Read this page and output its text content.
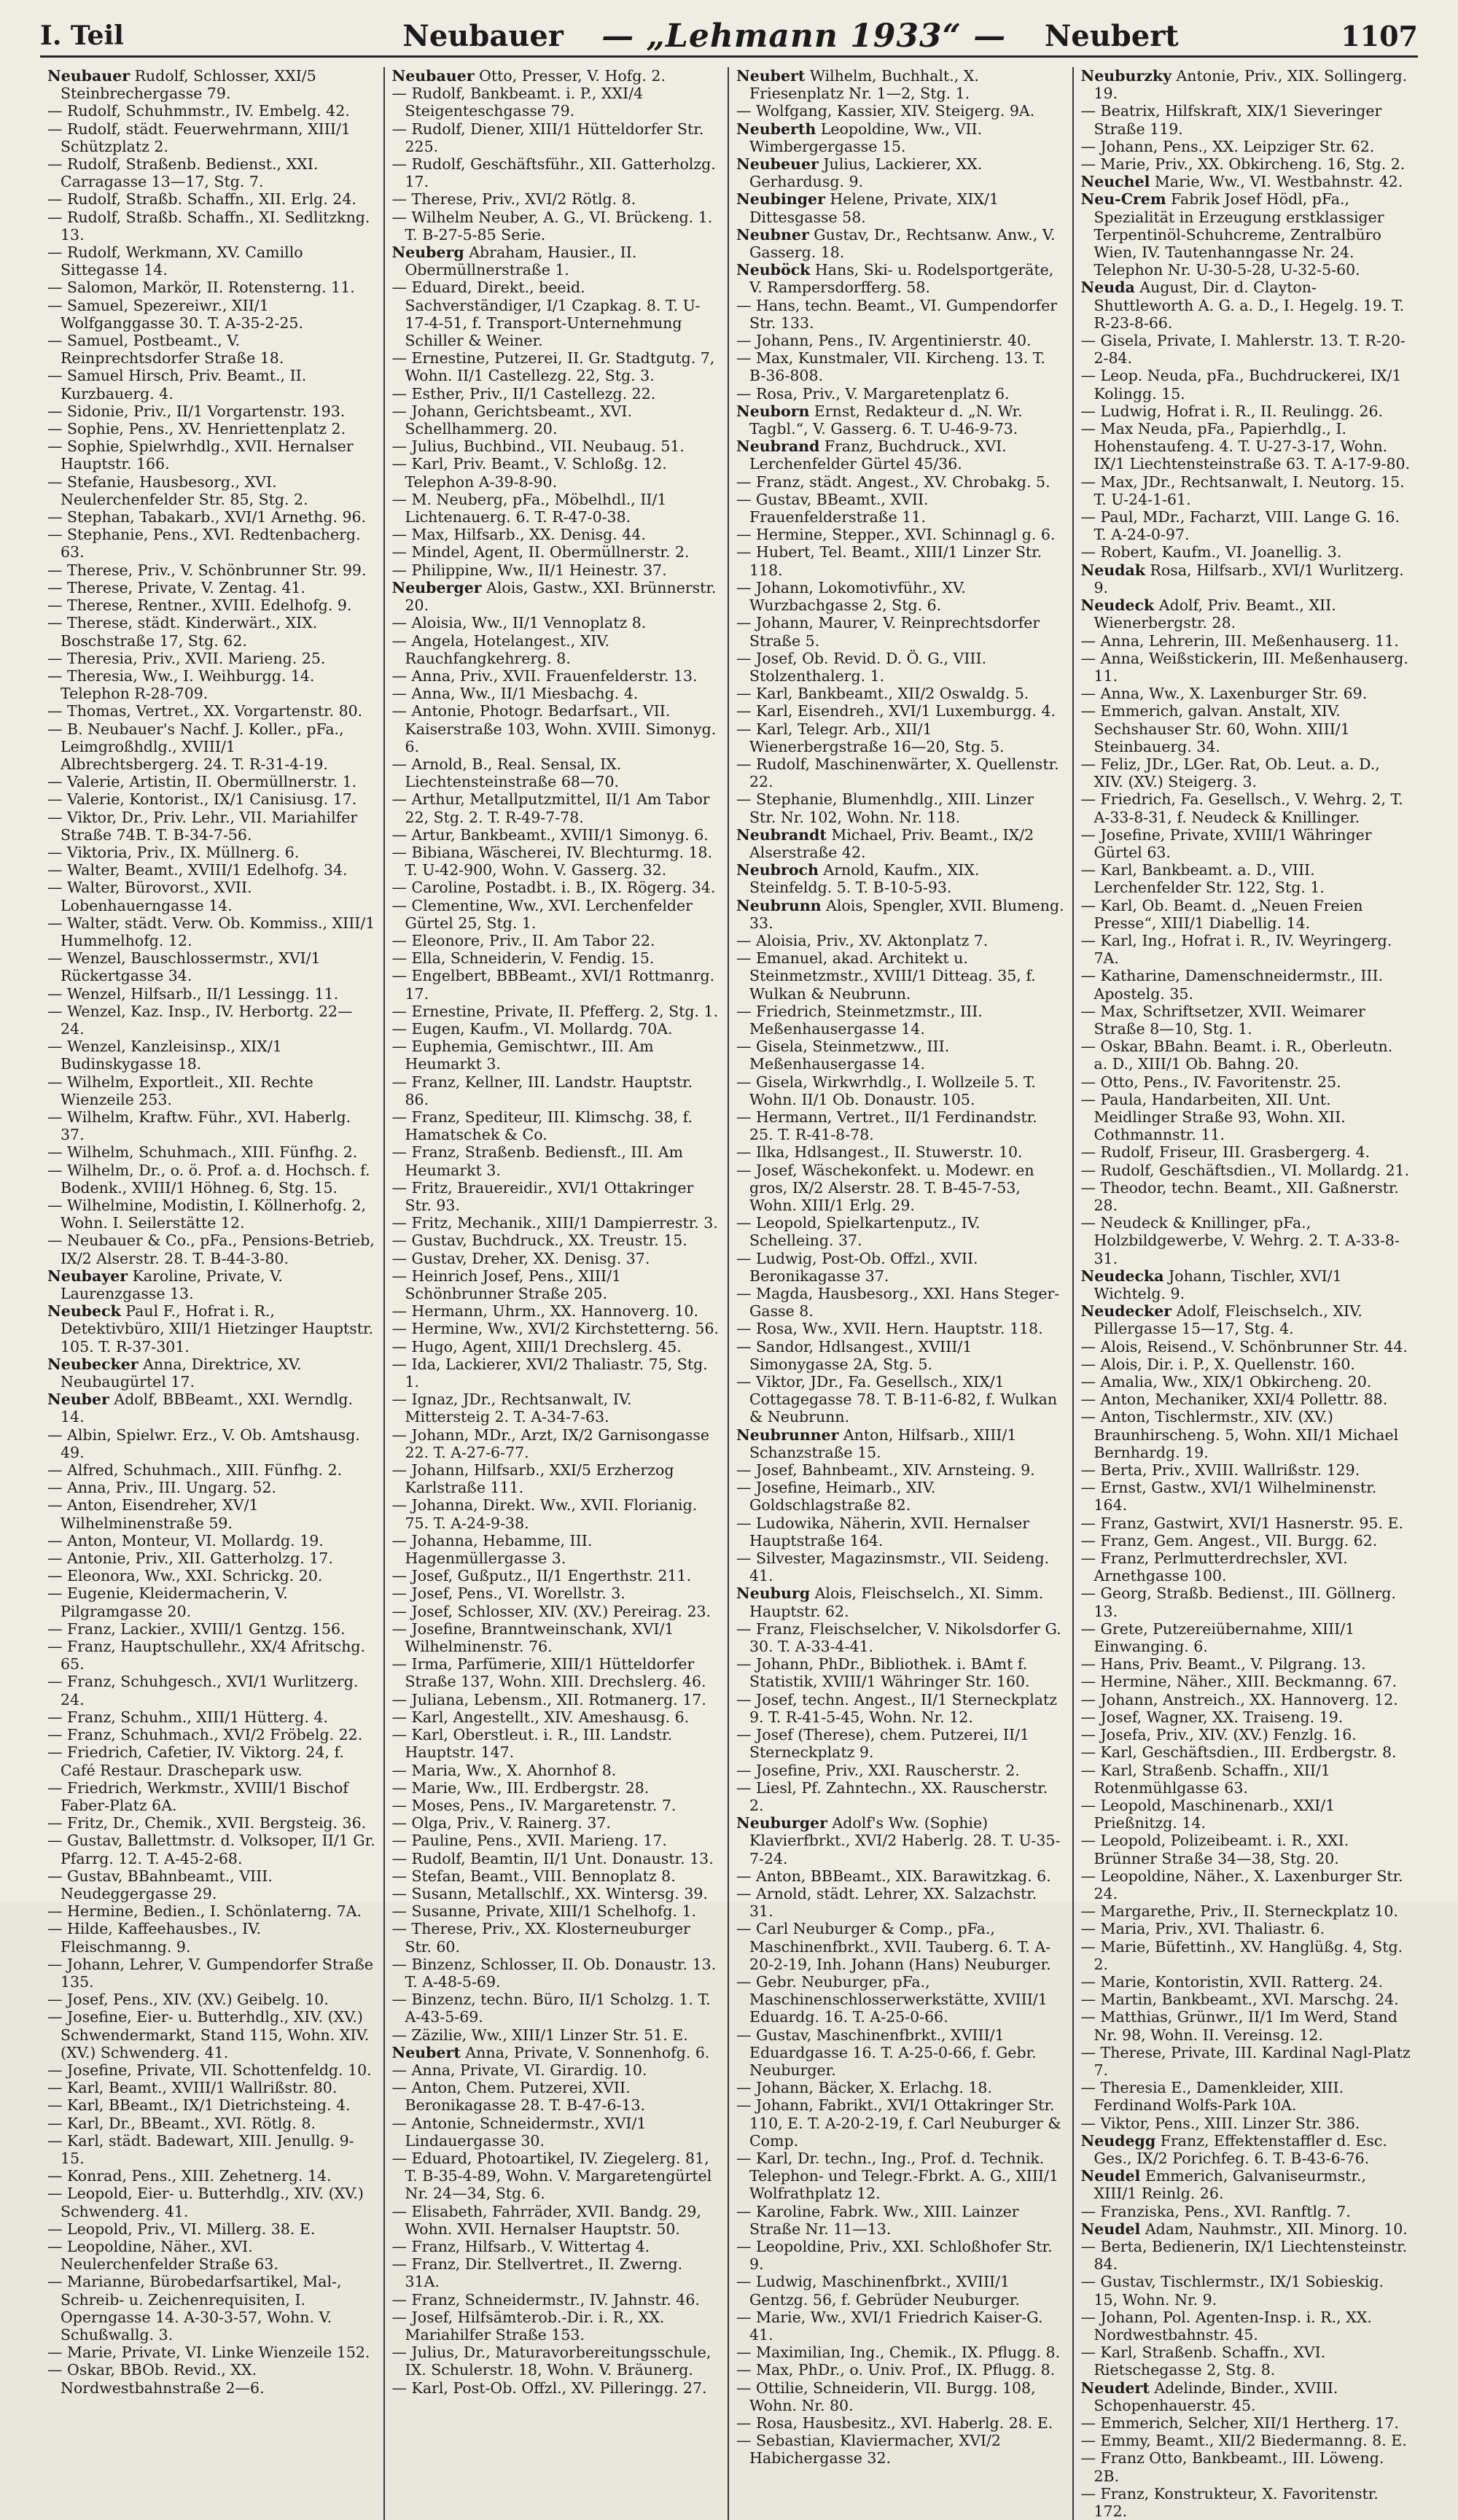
I. Teil	Neubauer — „Lehmann 1933“ — Neubert	1107

Neubauer Rudolf, Schlosser, XXI/5 Steinbrechergasse 79.

— Rudolf, Schuhmmstr., IV. Embelg. 42.

— Rudolf, städt. Feuerwehrmann, XIII/1 Schützplatz 2.

— Rudolf, Straßenb. Bedienst., XXI. Carragasse 13—17, Stg. 7.

— Rudolf, Straßb. Schaffn., XII. Erlg. 24.

— Rudolf, Straßb. Schaffn., XI. Sedlitzkng. 13.

— Rudolf, Werkmann, XV. Camillo Sittegasse 14.

— Salomon, Markör, II. Rotensterng. 11.

— Samuel, Spezereiwr., XII/1 Wolfganggasse 30. T. A-35-2-25.

— Samuel, Postbeamt., V. Reinprechtsdorfer Straße 18.

— Samuel Hirsch, Priv. Beamt., II. Kurzbauerg. 4.

— Sidonie, Priv., II/1 Vorgartenstr. 193.

— Sophie, Pens., XV. Henriettenplatz 2.

— Sophie, Spielwrhdlg., XVII. Hernalser Hauptstr. 166.

— Stefanie, Hausbesorg., XVI. Neulerchenfelder Str. 85, Stg. 2.

— Stephan, Tabakarb., XVI/1 Arnethg. 96.

— Stephanie, Pens., XVI. Redtenbacherg. 63.

— Therese, Priv., V. Schönbrunner Str. 99.

— Therese, Private, V. Zentag. 41.

— Therese, Rentner., XVIII. Edelhofg. 9.

— Therese, städt. Kinderwärt., XIX. Boschstraße 17, Stg. 62.

— Theresia, Priv., XVII. Marieng. 25.

— Theresia, Ww., I. Weihburgg. 14. Telephon R-28-709.

— Thomas, Vertret., XX. Vorgartenstr. 80.

— B. Neubauer's Nachf. J. Koller., pFa., Leimgroßhdlg., XVIII/1 Albrechtsbergerg. 24. T. R-31-4-19.

— Valerie, Artistin, II. Obermüllnerstr. 1.

— Valerie, Kontorist., IX/1 Canisiusg. 17.

— Viktor, Dr., Priv. Lehr., VII. Mariahilfer Straße 74B. T. B-34-7-56.

— Viktoria, Priv., IX. Müllnerg. 6.

— Walter, Beamt., XVIII/1 Edelhofg. 34.

— Walter, Bürovorst., XVII. Lobenhauerngasse 14.

— Walter, städt. Verw. Ob. Kommiss., XIII/1 Hummelhofg. 12.

— Wenzel, Bauschlossermstr., XVI/1 Rückertgasse 34.

— Wenzel, Hilfsarb., II/1 Lessingg. 11.

— Wenzel, Kaz. Insp., IV. Herbortg. 22—24.

— Wenzel, Kanzleisinsp., XIX/1 Budinskygasse 18.

— Wilhelm, Exportleit., XII. Rechte Wienzeile 253.

— Wilhelm, Kraftw. Führ., XVI. Haberlg. 37.

— Wilhelm, Schuhmach., XIII. Fünfhg. 2.

— Wilhelm, Dr., o. ö. Prof. a. d. Hochsch. f. Bodenk., XVIII/1 Höhneg. 6, Stg. 15.

— Wilhelmine, Modistin, I. Köllnerhofg. 2, Wohn. I. Seilerstätte 12.

— Neubauer & Co., pFa., Pensions-Betrieb, IX/2 Alserstr. 28. T. B-44-3-80.

Neubayer Karoline, Private, V. Laurenzgasse 13.

Neubeck Paul F., Hofrat i. R., Detektivbüro, XIII/1 Hietzinger Hauptstr. 105. T. R-37-301.

Neubecker Anna, Direktrice, XV. Neubaugürtel 17.

Neuber Adolf, BBBeamt., XXI. Werndlg. 14.

— Albin, Spielwr. Erz., V. Ob. Amtshausg. 49.

— Alfred, Schuhmach., XIII. Fünfhg. 2.

— Anna, Priv., III. Ungarg. 52.

— Anton, Eisendreher, XV/1 Wilhelminenstraße 59.

— Anton, Monteur, VI. Mollardg. 19.

— Antonie, Priv., XII. Gatterholzg. 17.

— Eleonora, Ww., XXI. Schrickg. 20.

— Eugenie, Kleidermacherin, V. Pilgramgasse 20.

— Franz, Lackier., XVIII/1 Gentzg. 156.

— Franz, Hauptschullehr., XX/4 Afritschg. 65.

— Franz, Schuhgesch., XVI/1 Wurlitzerg. 24.

— Franz, Schuhm., XIII/1 Hütterg. 4.

— Franz, Schuhmach., XVI/2 Fröbelg. 22.

— Friedrich, Cafetier, IV. Viktorg. 24, f. Café Restaur. Draschepark usw.

— Friedrich, Werkmstr., XVIII/1 Bischof Faber-Platz 6A.

— Fritz, Dr., Chemik., XVII. Bergsteig. 36.

— Gustav, Ballettmstr. d. Volksoper, II/1 Gr. Pfarrg. 12. T. A-45-2-68.

— Gustav, BBahnbeamt., VIII. Neudeggergasse 29.

— Hermine, Bedien., I. Schönlaterng. 7A.

— Hilde, Kaffeehausbes., IV. Fleischmanng. 9.

— Johann, Lehrer, V. Gumpendorfer Straße 135.

— Josef, Pens., XIV. (XV.) Geibelg. 10.

— Josefine, Eier- u. Butterhdlg., XIV. (XV.) Schwendermarkt, Stand 115, Wohn. XIV. (XV.) Schwenderg. 41.

— Josefine, Private, VII. Schottenfeldg. 10.

— Karl, Beamt., XVIII/1 Wallrißstr. 80.

— Karl, BBeamt., IX/1 Dietrichsteing. 4.

— Karl, Dr., BBeamt., XVI. Rötlg. 8.

— Karl, städt. Badewart, XIII. Jenullg. 9-15.

— Konrad, Pens., XIII. Zehetnerg. 14.

— Leopold, Eier- u. Butterhdlg., XIV. (XV.) Schwenderg. 41.

— Leopold, Priv., VI. Millerg. 38. E.

— Leopoldine, Näher., XVI. Neulerchenfelder Straße 63.

— Marianne, Bürobedarfsartikel, Mal-, Schreib- u. Zeichenrequisiten, I. Operngasse 14. A-30-3-57, Wohn. V. Schußwallg. 3.

— Marie, Private, VI. Linke Wienzeile 152.

— Oskar, BBOb. Revid., XX. Nordwestbahnstraße 2—6.

Neubauer Otto, Presser, V. Hofg. 2.

— Rudolf, Bankbeamt. i. P., XXI/4 Steigenteschgasse 79.

— Rudolf, Diener, XIII/1 Hütteldorfer Str. 225.

— Rudolf, Geschäftsführ., XII. Gatterholzg. 17.

— Therese, Priv., XVI/2 Rötlg. 8.

— Wilhelm Neuber, A. G., VI. Brückeng. 1. T. B-27-5-85 Serie.

Neuberg Abraham, Hausier., II. Obermüllnerstraße 1.

— Eduard, Direkt., beeid. Sachverständiger, I/1 Czapkag. 8. T. U-17-4-51, f. Transport-Unternehmung Schiller & Weiner.

— Ernestine, Putzerei, II. Gr. Stadtgutg. 7, Wohn. II/1 Castellezg. 22, Stg. 3.

— Esther, Priv., II/1 Castellezg. 22.

— Johann, Gerichtsbeamt., XVI. Schellhammerg. 20.

— Julius, Buchbind., VII. Neubaug. 51.

— Karl, Priv. Beamt., V. Schloßg. 12. Telephon A-39-8-90.

— M. Neuberg, pFa., Möbelhdl., II/1 Lichtenauerg. 6. T. R-47-0-38.

— Max, Hilfsarb., XX. Denisg. 44.

— Mindel, Agent, II. Obermüllnerstr. 2.

— Philippine, Ww., II/1 Heinestr. 37.

Neuberger Alois, Gastw., XXI. Brünnerstr. 20.

— Aloisia, Ww., II/1 Vennoplatz 8.

— Angela, Hotelangest., XIV. Rauchfangkehrerg. 8.

— Anna, Priv., XVII. Frauenfelderstr. 13.

— Anna, Ww., II/1 Miesbachg. 4.

— Antonie, Photogr. Bedarfsart., VII. Kaiserstraße 103, Wohn. XVIII. Simonyg. 6.

— Arnold, B., Real. Sensal, IX. Liechtensteinstraße 68—70.

— Arthur, Metallputzmittel, II/1 Am Tabor 22, Stg. 2. T. R-49-7-78.

— Artur, Bankbeamt., XVIII/1 Simonyg. 6.

— Bibiana, Wäscherei, IV. Blechturmg. 18. T. U-42-900, Wohn. V. Gasserg. 32.

— Caroline, Postadbt. i. B., IX. Rögerg. 34.

— Clementine, Ww., XVI. Lerchenfelder Gürtel 25, Stg. 1.

— Eleonore, Priv., II. Am Tabor 22.

— Ella, Schneiderin, V. Fendig. 15.

— Engelbert, BBBeamt., XVI/1 Rottmanrg. 17.

— Ernestine, Private, II. Pfefferg. 2, Stg. 1.

— Eugen, Kaufm., VI. Mollardg. 70A.

— Euphemia, Gemischtwr., III. Am Heumarkt 3.

— Franz, Kellner, III. Landstr. Hauptstr. 86.

— Franz, Spediteur, III. Klimschg. 38, f. Hamatschek & Co.

— Franz, Straßenb. Bediensft., III. Am Heumarkt 3.

— Fritz, Brauereidir., XVI/1 Ottakringer Str. 93.

— Fritz, Mechanik., XIII/1 Dampierrestr. 3.

— Gustav, Buchdruck., XX. Treustr. 15.

— Gustav, Dreher, XX. Denisg. 37.

— Heinrich Josef, Pens., XIII/1 Schönbrunner Straße 205.

— Hermann, Uhrm., XX. Hannoverg. 10.

— Hermine, Ww., XVI/2 Kirchstetterng. 56.

— Hugo, Agent, XIII/1 Drechslerg. 45.

— Ida, Lackierer, XVI/2 Thaliastr. 75, Stg. 1.

— Ignaz, JDr., Rechtsanwalt, IV. Mittersteig 2. T. A-34-7-63.

— Johann, MDr., Arzt, IX/2 Garnisongasse 22. T. A-27-6-77.

— Johann, Hilfsarb., XXI/5 Erzherzog Karlstraße 111.

— Johanna, Direkt. Ww., XVII. Florianig. 75. T. A-24-9-38.

— Johanna, Hebamme, III. Hagenmüllergasse 3.

— Josef, Gußputz., II/1 Engerthstr. 211.

— Josef, Pens., VI. Worellstr. 3.

— Josef, Schlosser, XIV. (XV.) Pereirag. 23.

— Josefine, Branntweinschank, XVI/1 Wilhelminenstr. 76.

— Irma, Parfümerie, XIII/1 Hütteldorfer Straße 137, Wohn. XIII. Drechslerg. 46.

— Juliana, Lebensm., XII. Rotmanerg. 17.

— Karl, Angestellt., XIV. Ameshausg. 6.

— Karl, Oberstleut. i. R., III. Landstr. Hauptstr. 147.

— Maria, Ww., X. Ahornhof 8.

— Marie, Ww., III. Erdbergstr. 28.

— Moses, Pens., IV. Margaretenstr. 7.

— Olga, Priv., V. Rainerg. 37.

— Pauline, Pens., XVII. Marieng. 17.

— Rudolf, Beamtin, II/1 Unt. Donaustr. 13.

— Stefan, Beamt., VIII. Bennoplatz 8.

— Susann, Metallschlf., XX. Wintersg. 39.

— Susanne, Private, XIII/1 Schelhofg. 1.

— Therese, Priv., XX. Klosterneuburger Str. 60.

— Binzenz, Schlosser, II. Ob. Donaustr. 13. T. A-48-5-69.

— Binzenz, techn. Büro, II/1 Scholzg. 1. T. A-43-5-69.

— Zäzilie, Ww., XIII/1 Linzer Str. 51. E.

Neubert Anna, Private, V. Sonnenhofg. 6.

— Anna, Private, VI. Girardig. 10.

— Anton, Chem. Putzerei, XVII. Beronikagasse 28. T. B-47-6-13.

— Antonie, Schneidermstr., XVI/1 Lindauergasse 30.

— Eduard, Photoartikel, IV. Ziegelerg. 81, T. B-35-4-89, Wohn. V. Margaretengürtel Nr. 24—34, Stg. 6.

— Elisabeth, Fahrräder, XVII. Bandg. 29, Wohn. XVII. Hernalser Hauptstr. 50.

— Franz, Hilfsarb., V. Wittertag 4.

— Franz, Dir. Stellvertret., II. Zwerng. 31A.

— Franz, Schneidermstr., IV. Jahnstr. 46.

— Josef, Hilfsämterob.-Dir. i. R., XX. Mariahilfer Straße 153.

— Julius, Dr., Maturavorbereitungsschule, IX. Schulerstr. 18, Wohn. V. Bräunerg.

— Karl, Post-Ob. Offzl., XV. Pilleringg. 27.

Neubert Wilhelm, Buchhalt., X. Friesenplatz Nr. 1—2, Stg. 1.

— Wolfgang, Kassier, XIV. Steigerg. 9A.

Neuberth Leopoldine, Ww., VII. Wimbergergasse 15.

Neubeuer Julius, Lackierer, XX. Gerhardusg. 9.

Neubinger Helene, Private, XIX/1 Dittesgasse 58.

Neubner Gustav, Dr., Rechtsanw. Anw., V. Gasserg. 18.

Neuböck Hans, Ski- u. Rodelsportgeräte, V. Rampersdorfferg. 58.

— Hans, techn. Beamt., VI. Gumpendorfer Str. 133.

— Johann, Pens., IV. Argentinierstr. 40.

— Max, Kunstmaler, VII. Kircheng. 13. T. B-36-808.

— Rosa, Priv., V. Margaretenplatz 6.

Neuborn Ernst, Redakteur d. „N. Wr. Tagbl.“, V. Gasserg. 6. T. U-46-9-73.

Neubrand Franz, Buchdruck., XVI. Lerchenfelder Gürtel 45/36.

— Franz, städt. Angest., XV. Chrobakg. 5.

— Gustav, BBeamt., XVII. Frauenfelderstraße 11.

— Hermine, Stepper., XVI. Schinnagl g. 6.

— Hubert, Tel. Beamt., XIII/1 Linzer Str. 118.

— Johann, Lokomotivführ., XV. Wurzbachgasse 2, Stg. 6.

— Johann, Maurer, V. Reinprechtsdorfer Straße 5.

— Josef, Ob. Revid. D. Ö. G., VIII. Stolzenthalerg. 1.

— Karl, Bankbeamt., XII/2 Oswaldg. 5.

— Karl, Eisendreh., XVI/1 Luxemburgg. 4.

— Karl, Telegr. Arb., XII/1 Wienerbergstraße 16—20, Stg. 5.

— Rudolf, Maschinenwärter, X. Quellenstr. 22.

— Stephanie, Blumenhdlg., XIII. Linzer Str. Nr. 102, Wohn. Nr. 118.

Neubrandt Michael, Priv. Beamt., IX/2 Alserstraße 42.

Neubroch Arnold, Kaufm., XIX. Steinfeldg. 5. T. B-10-5-93.

Neubrunn Alois, Spengler, XVII. Blumeng. 33.

— Aloisia, Priv., XV. Aktonplatz 7.

— Emanuel, akad. Architekt u. Steinmetzmstr., XVIII/1 Ditteag. 35, f. Wulkan & Neubrunn.

— Friedrich, Steinmetzmstr., III. Meßenhausergasse 14.

— Gisela, Steinmetzww., III. Meßenhausergasse 14.

— Gisela, Wirkwrhdlg., I. Wollzeile 5. T. Wohn. II/1 Ob. Donaustr. 105.

— Hermann, Vertret., II/1 Ferdinandstr. 25. T. R-41-8-78.

— Ilka, Hdlsangest., II. Stuwerstr. 10.

— Josef, Wäschekonfekt. u. Modewr. en gros, IX/2 Alserstr. 28. T. B-45-7-53, Wohn. XIII/1 Erlg. 29.

— Leopold, Spielkartenputz., IV. Schelleing. 37.

— Ludwig, Post-Ob. Offzl., XVII. Beronikagasse 37.

— Magda, Hausbesorg., XXI. Hans Steger-Gasse 8.

— Rosa, Ww., XVII. Hern. Hauptstr. 118.

— Sandor, Hdlsangest., XVIII/1 Simonygasse 2A, Stg. 5.

— Viktor, JDr., Fa. Gesellsch., XIX/1 Cottagegasse 78. T. B-11-6-82, f. Wulkan & Neubrunn.

Neubrunner Anton, Hilfsarb., XIII/1 Schanzstraße 15.

— Josef, Bahnbeamt., XIV. Arnsteing. 9.

— Josefine, Heimarb., XIV. Goldschlagstraße 82.

— Ludowika, Näherin, XVII. Hernalser Hauptstraße 164.

— Silvester, Magazinsmstr., VII. Seideng. 41.

Neuburg Alois, Fleischselch., XI. Simm. Hauptstr. 62.

— Franz, Fleischselcher, V. Nikolsdorfer G. 30. T. A-33-4-41.

— Johann, PhDr., Bibliothek. i. BAmt f. Statistik, XVIII/1 Währinger Str. 160.

— Josef, techn. Angest., II/1 Sterneckplatz 9. T. R-41-5-45, Wohn. Nr. 12.

— Josef (Therese), chem. Putzerei, II/1 Sterneckplatz 9.

— Josefine, Priv., XXI. Rauscherstr. 2.

— Liesl, Pf. Zahntechn., XX. Rauscherstr. 2.

Neuburger Adolf's Ww. (Sophie) Klavierfbrkt., XVI/2 Haberlg. 28. T. U-35-7-24.

— Anton, BBBeamt., XIX. Barawitzkag. 6.

— Arnold, städt. Lehrer, XX. Salzachstr. 31.

— Carl Neuburger & Comp., pFa., Maschinenfbrkt., XVII. Tauberg. 6. T. A-20-2-19, Inh. Johann (Hans) Neuburger.

— Gebr. Neuburger, pFa., Maschinenschlosserwerkstätte, XVIII/1 Eduardg. 16. T. A-25-0-66.

— Gustav, Maschinenfbrkt., XVIII/1 Eduardgasse 16. T. A-25-0-66, f. Gebr. Neuburger.

— Johann, Bäcker, X. Erlachg. 18.

— Johann, Fabrikt., XVI/1 Ottakringer Str. 110, E. T. A-20-2-19, f. Carl Neuburger & Comp.

— Karl, Dr. techn., Ing., Prof. d. Technik. Telephon- und Telegr.-Fbrkt. A. G., XIII/1 Wolfrathplatz 12.

— Karoline, Fabrk. Ww., XIII. Lainzer Straße Nr. 11—13.

— Leopoldine, Priv., XXI. Schloßhofer Str. 9.

— Ludwig, Maschinenfbrkt., XVIII/1 Gentzg. 56, f. Gebrüder Neuburger.

— Marie, Ww., XVI/1 Friedrich Kaiser-G. 41.

— Maximilian, Ing., Chemik., IX. Pflugg. 8.

— Max, PhDr., o. Univ. Prof., IX. Pflugg. 8.

— Ottilie, Schneiderin, VII. Burgg. 108, Wohn. Nr. 80.

— Rosa, Hausbesitz., XVI. Haberlg. 28. E.

— Sebastian, Klaviermacher, XVI/2 Habichergasse 32.

Neuburzky Antonie, Priv., XIX. Sollingerg. 19.

— Beatrix, Hilfskraft, XIX/1 Sieveringer Straße 119.

— Johann, Pens., XX. Leipziger Str. 62.

— Marie, Priv., XX. Obkircheng. 16, Stg. 2.

Neuchel Marie, Ww., VI. Westbahnstr. 42.

Neu-Crem Fabrik Josef Hödl, pFa., Spezialität in Erzeugung erstklassiger Terpentinöl-Schuhcreme, Zentralbüro Wien, IV. Tautenhanngasse Nr. 24. Telephon Nr. U-30-5-28, U-32-5-60.

Neuda August, Dir. d. Clayton-Shuttleworth A. G. a. D., I. Hegelg. 19. T. R-23-8-66.

— Gisela, Private, I. Mahlerstr. 13. T. R-20-2-84.

— Leop. Neuda, pFa., Buchdruckerei, IX/1 Kolingg. 15.

— Ludwig, Hofrat i. R., II. Reulingg. 26.

— Max Neuda, pFa., Papierhdlg., I. Hohenstaufeng. 4. T. U-27-3-17, Wohn. IX/1 Liechtensteinstraße 63. T. A-17-9-80.

— Max, JDr., Rechtsanwalt, I. Neutorg. 15. T. U-24-1-61.

— Paul, MDr., Facharzt, VIII. Lange G. 16. T. A-24-0-97.

— Robert, Kaufm., VI. Joanellig. 3.

Neudak Rosa, Hilfsarb., XVI/1 Wurlitzerg. 9.

Neudeck Adolf, Priv. Beamt., XII. Wienerbergstr. 28.

— Anna, Lehrerin, III. Meßenhauserg. 11.

— Anna, Weißstickerin, III. Meßenhauserg. 11.

— Anna, Ww., X. Laxenburger Str. 69.

— Emmerich, galvan. Anstalt, XIV. Sechshauser Str. 60, Wohn. XIII/1 Steinbauerg. 34.

— Feliz, JDr., LGer. Rat, Ob. Leut. a. D., XIV. (XV.) Steigerg. 3.

— Friedrich, Fa. Gesellsch., V. Wehrg. 2, T. A-33-8-31, f. Neudeck & Knillinger.

— Josefine, Private, XVIII/1 Währinger Gürtel 63.

— Karl, Bankbeamt. a. D., VIII. Lerchenfelder Str. 122, Stg. 1.

— Karl, Ob. Beamt. d. „Neuen Freien Presse“, XIII/1 Diabellig. 14.

— Karl, Ing., Hofrat i. R., IV. Weyringerg. 7A.

— Katharine, Damenschneidermstr., III. Apostelg. 35.

— Max, Schriftsetzer, XVII. Weimarer Straße 8—10, Stg. 1.

— Oskar, BBahn. Beamt. i. R., Oberleutn. a. D., XIII/1 Ob. Bahng. 20.

— Otto, Pens., IV. Favoritenstr. 25.

— Paula, Handarbeiten, XII. Unt. Meidlinger Straße 93, Wohn. XII. Cothmannstr. 11.

— Rudolf, Friseur, III. Grasbergerg. 4.

— Rudolf, Geschäftsdien., VI. Mollardg. 21.

— Theodor, techn. Beamt., XII. Gaßnerstr. 28.

— Neudeck & Knillinger, pFa., Holzbildgewerbe, V. Wehrg. 2. T. A-33-8-31.

Neudecka Johann, Tischler, XVI/1 Wichtelg. 9.

Neudecker Adolf, Fleischselch., XIV. Pillergasse 15—17, Stg. 4.

— Alois, Reisend., V. Schönbrunner Str. 44.

— Alois, Dir. i. P., X. Quellenstr. 160.

— Amalia, Ww., XIX/1 Obkircheng. 20.

— Anton, Mechaniker, XXI/4 Pollettr. 88.

— Anton, Tischlermstr., XIV. (XV.) Braunhirscheng. 5, Wohn. XII/1 Michael Bernhardg. 19.

— Berta, Priv., XVIII. Wallrißstr. 129.

— Ernst, Gastw., XVI/1 Wilhelminenstr. 164.

— Franz, Gastwirt, XVI/1 Hasnerstr. 95. E.

— Franz, Gem. Angest., VII. Burgg. 62.

— Franz, Perlmutterdrechsler, XVI. Arnethgasse 100.

— Georg, Straßb. Bedienst., III. Göllnerg. 13.

— Grete, Putzereiübernahme, XIII/1 Einwanging. 6.

— Hans, Priv. Beamt., V. Pilgrang. 13.

— Hermine, Näher., XIII. Beckmanng. 67.

— Johann, Anstreich., XX. Hannoverg. 12.

— Josef, Wagner, XX. Traiseng. 19.

— Josefa, Priv., XIV. (XV.) Fenzlg. 16.

— Karl, Geschäftsdien., III. Erdbergstr. 8.

— Karl, Straßenb. Schaffn., XII/1 Rotenmühlgasse 63.

— Leopold, Maschinenarb., XXI/1 Prießnitzg. 14.

— Leopold, Polizeibeamt. i. R., XXI. Brünner Straße 34—38, Stg. 20.

— Leopoldine, Näher., X. Laxenburger Str. 24.

— Margarethe, Priv., II. Sterneckplatz 10.

— Maria, Priv., XVI. Thaliastr. 6.

— Marie, Büfettinh., XV. Hanglüßg. 4, Stg. 2.

— Marie, Kontoristin, XVII. Ratterg. 24.

— Martin, Bankbeamt., XVI. Marschg. 24.

— Matthias, Grünwr., II/1 Im Werd, Stand Nr. 98, Wohn. II. Vereinsg. 12.

— Therese, Private, III. Kardinal Nagl-Platz 7.

— Theresia E., Damenkleider, XIII. Ferdinand Wolfs-Park 10A.

— Viktor, Pens., XIII. Linzer Str. 386.

Neudegg Franz, Effektenstaffler d. Esc. Ges., IX/2 Porichfeg. 6. T. B-43-6-76.

Neudel Emmerich, Galvaniseurmstr., XIII/1 Reinlg. 26.

— Franziska, Pens., XVI. Ranftlg. 7.

Neudel Adam, Nauhmstr., XII. Minorg. 10.

— Berta, Bedienerin, IX/1 Liechtensteinstr. 84.

— Gustav, Tischlermstr., IX/1 Sobieskig. 15, Wohn. Nr. 9.

— Johann, Pol. Agenten-Insp. i. R., XX. Nordwestbahnstr. 45.

— Karl, Straßenb. Schaffn., XVI. Rietschegasse 2, Stg. 8.

Neudert Adelinde, Binder., XVIII. Schopenhauerstr. 45.

— Emmerich, Selcher, XII/1 Hertherg. 17.

— Emmy, Beamt., XII/2 Biedermanng. 8. E.

— Franz Otto, Bankbeamt., III. Löweng. 2B.

— Franz, Konstrukteur, X. Favoritenstr. 172.
